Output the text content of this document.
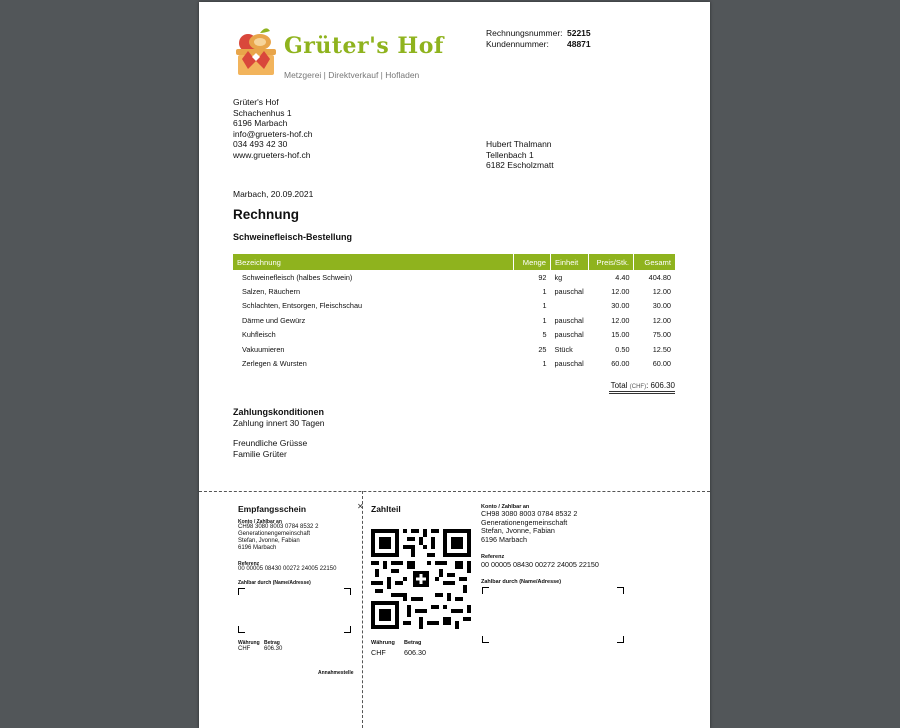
Grüter's Hof
Metzgerei | Direktverkauf | Hofladen
Rechnungsnummer: 52215
Kundennummer: 48871
Grüter's Hof
Schachenhus 1
6196 Marbach
info@grueters-hof.ch
034 493 42 30
www.grueters-hof.ch
Hubert Thalmann
Tellenbach 1
6182 Escholzmatt
Marbach, 20.09.2021
Rechnung
Schweinefleisch-Bestellung
Bezeichnung	Menge	Einheit	Preis/Stk.	Gesamt
Schweinefleisch (halbes Schwein)	92	kg	4.40	404.80
Salzen, Räuchern	1	pauschal	12.00	12.00
Schlachten, Entsorgen, Fleischschau	1		30.00	30.00
Därme und Gewürz	1	pauschal	12.00	12.00
Kuhfleisch	5	pauschal	15.00	75.00
Vakuumieren	25	Stück	0.50	12.50
Zerlegen & Wursten	1	pauschal	60.00	60.00
Total (CHF): 606.30
Zahlungskonditionen
Zahlung innert 30 Tagen
Freundliche Grüsse
Familie Grüter
✕
Empfangsschein
Konto / Zahlbar an
CH98 3080 8003 0784 8532 2
Generationengemeinschaft
Stefan, Jvonne, Fabian
6196 Marbach
Referenz
00 00005 08430 00272 24005 22150
Zahlbar durch (Name/Adresse)
Währung Betrag
CHF 606.30
Annahmestelle
Zahlteil
Währung Betrag
CHF	606.30
Konto / Zahlbar an
CH98 3080 8003 0784 8532 2
Generationengemeinschaft
Stefan, Jvonne, Fabian
6196 Marbach
Referenz
00 00005 08430 00272 24005 22150
Zahlbar durch (Name/Adresse)
